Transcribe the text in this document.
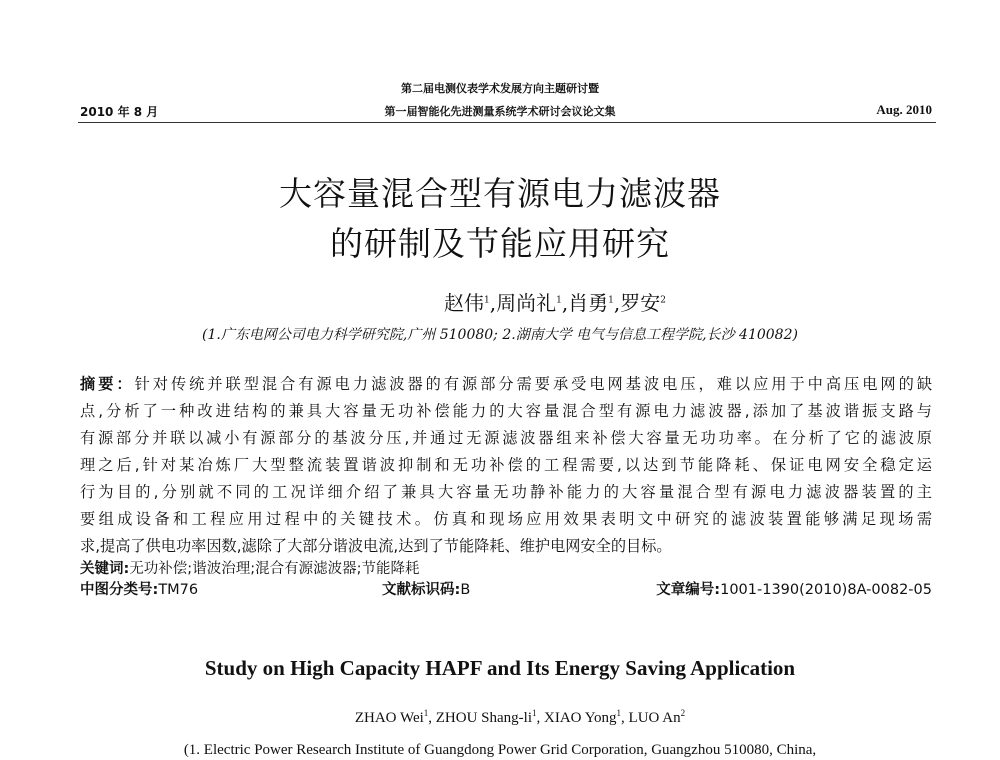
第二届电测仪表学术发展方向主题研讨暨
第一届智能化先进测量系统学术研讨会议论文集
2010 年 8 月	Aug. 2010
大容量混合型有源电力滤波器
的研制及节能应用研究
赵伟$^1$,周尚礼$^1$,肖勇$^1$,罗安$^2$
(1.广东电网公司电力科学研究院,广州 510080; 2.湖南大学 电气与信息工程学院,长沙 410082)
摘要：针对传统并联型混合有源电力滤波器的有源部分需要承受电网基波电压，难以应用于中高压电网的缺
点,分析了一种改进结构的兼具大容量无功补偿能力的大容量混合型有源电力滤波器,添加了基波谐振支路与
有源部分并联以减小有源部分的基波分压,并通过无源滤波器组来补偿大容量无功功率。在分析了它的滤波原
理之后,针对某冶炼厂大型整流装置谐波抑制和无功补偿的工程需要,以达到节能降耗、保证电网安全稳定运
行为目的,分别就不同的工况详细介绍了兼具大容量无功静补能力的大容量混合型有源电力滤波器装置的主
要组成设备和工程应用过程中的关键技术。仿真和现场应用效果表明文中研究的滤波装置能够满足现场需
求,提高了供电功率因数,滤除了大部分谐波电流,达到了节能降耗、维护电网安全的目标。
关键词:无功补偿;谐波治理;混合有源滤波器;节能降耗
中图分类号:TM76	文献标识码:B	文章编号:1001-1390(2010)8A-0082-05
Study on High Capacity HAPF and Its Energy Saving Application
ZHAO Wei$^1$, ZHOU Shang-$li^1$, XIAO Yong$^1$, LUO An$^2$
(1. Electric Power Research Institute of Guangdong Power Grid Corporation, Guangzhou 510080, China,
